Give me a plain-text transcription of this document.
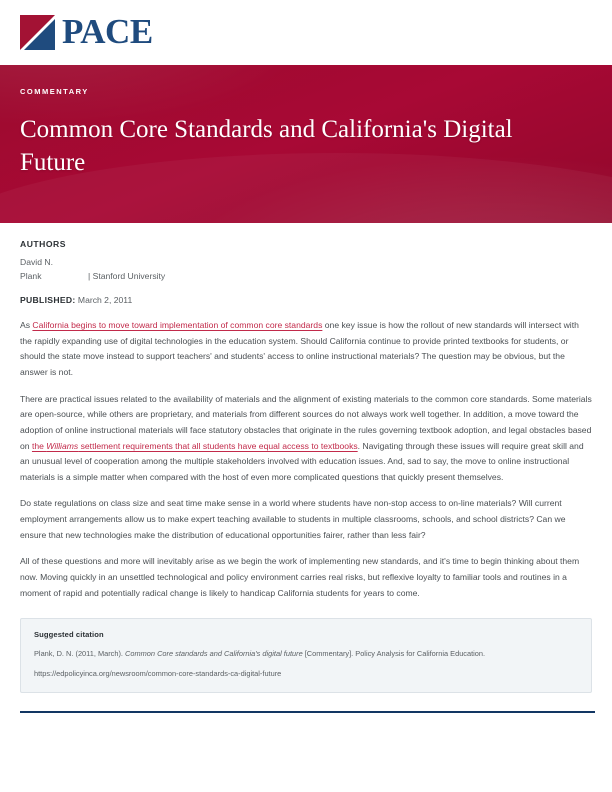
PACE
COMMENTARY
Common Core Standards and California's Digital Future
AUTHORS
David N.
Plank	| Stanford University
PUBLISHED: March 2, 2011

As California begins to move toward implementation of common core standards one key issue is how the rollout of new standards will intersect with the rapidly expanding use of digital technologies in the education system. Should California continue to provide printed textbooks for students, or should the state move instead to support teachers' and students' access to online instructional materials? The question may be obvious, but the answer is not.

There are practical issues related to the availability of materials and the alignment of existing materials to the common core standards. Some materials are open-source, while others are proprietary, and materials from different sources do not always work well together. In addition, a move toward the adoption of online instructional materials will face statutory obstacles that originate in the rules governing textbook adoption, and legal obstacles based on the Williams settlement requirements that all students have equal access to textbooks. Navigating through these issues will require great skill and an unusual level of cooperation among the multiple stakeholders involved with education issues. And, sad to say, the move to online instructional materials is a simple matter when compared with the host of even more complicated questions that quickly present themselves.

Do state regulations on class size and seat time make sense in a world where students have non-stop access to on-line materials? Will current employment arrangements allow us to make expert teaching available to students in multiple classrooms, schools, and school districts? Can we ensure that new technologies make the distribution of educational opportunities fairer, rather than less fair?

All of these questions and more will inevitably arise as we begin the work of implementing new standards, and it's time to begin thinking about them now. Moving quickly in an unsettled technological and policy environment carries real risks, but reflexive loyalty to familiar tools and routines in a moment of rapid and potentially radical change is likely to handicap California students for years to come.

Suggested citation
Plank, D. N. (2011, March). Common Core standards and California's digital future [Commentary]. Policy Analysis for California Education.
https://edpolicyinca.org/newsroom/common-core-standards-ca-digital-future
